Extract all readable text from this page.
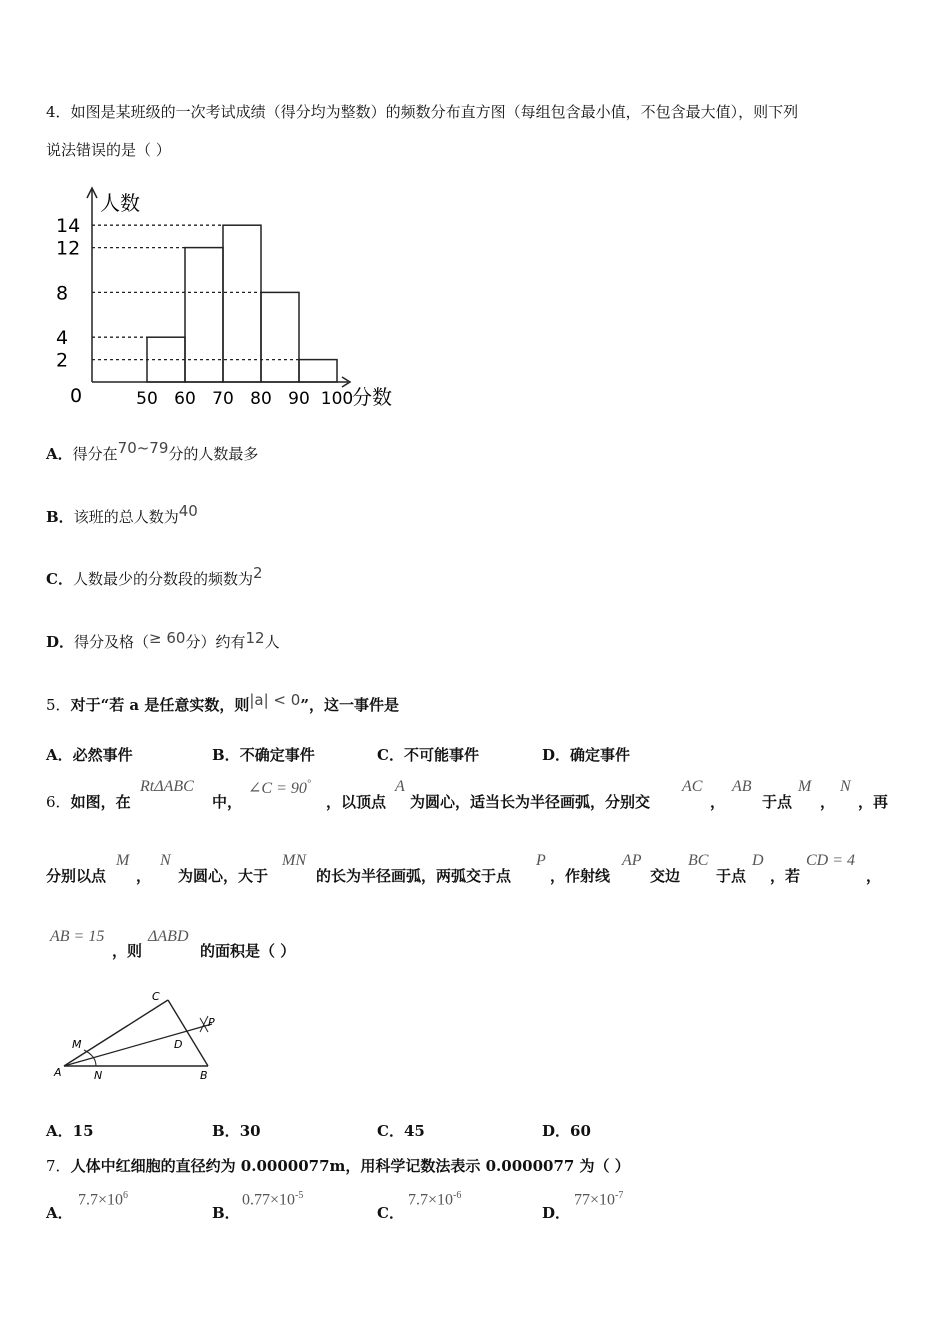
4．如图是某班级的一次考试成绩（得分均为整数）的频数分布直方图（每组包含最小值，不包含最大值），则下列
说法错误的是（ ）
2
4
8
12
14
0	50 60 70 80 90 100
人数
分数
A．得分在70~79分的人数最多
B．该班的总人数为40
C．人数最少的分数段的频数为2
D．得分及格（≥ 60分）约有12人
5．对于“若 a 是任意实数，则|a| < 0”，这一事件是
A．必然事件	B．不确定事件	C．不可能事件	D．确定事件
6．如图，在
RtΔABC
中，
∠C = 90°
，以顶点
A
为圆心，适当长为半径画弧，分别交
AC
，
AB
于点
M
，
N
，再
分别以点
M
，
N
为圆心，大于
MN
的长为半径画弧，两弧交于点
P
，作射线
AP
交边
BC
于点
D
，若
CD = 4
，
AB = 15
，则
ΔABD
的面积是（ ）
A	B
C
D
M
N
P
A．15	B．30	C．45	D．60
7．人体中红细胞的直径约为 0.0000077m，用科学记数法表示 0.0000077 为（ ）
A．
$7.7\times 10^6$
B．
$0.77\times 10^{-5}$
C．
$7.7\times 10^{-6}$
D．
$77\times 10^{-7}$
